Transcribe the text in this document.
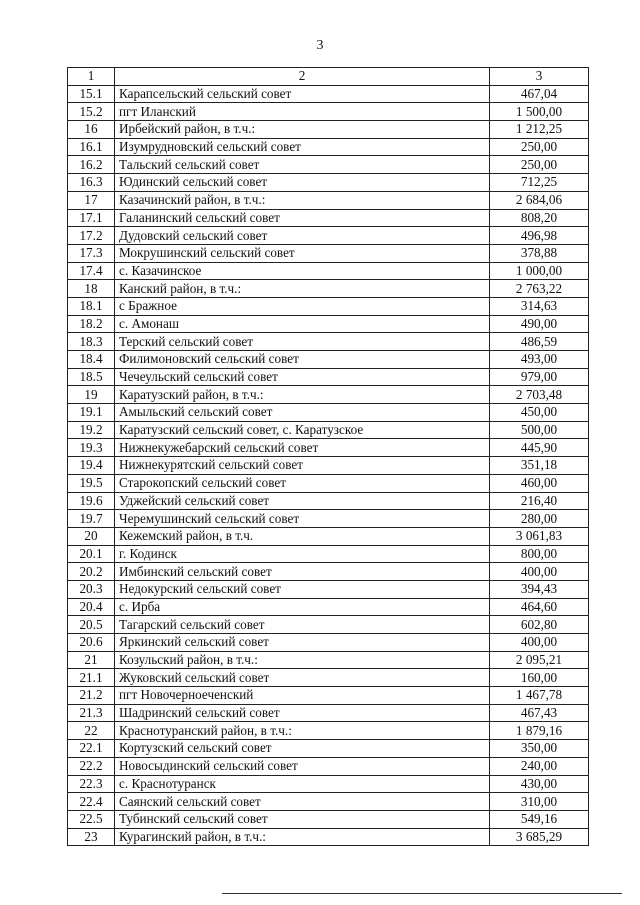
3
1	2	3
15.1	Карапсельский сельский совет	467,04
15.2	пгт Иланский	1 500,00
16	Ирбейский район, в т.ч.:	1 212,25
16.1	Изумрудновский сельский совет	250,00
16.2	Тальский сельский совет	250,00
16.3	Юдинский сельский совет	712,25
17	Казачинский район, в т.ч.:	2 684,06
17.1	Галанинский сельский совет	808,20
17.2	Дудовский сельский совет	496,98
17.3	Мокрушинский сельский совет	378,88
17.4	с. Казачинское	1 000,00
18	Канский район, в т.ч.:	2 763,22
18.1	с Бражное	314,63
18.2	с. Амонаш	490,00
18.3	Терский сельский совет	486,59
18.4	Филимоновский сельский совет	493,00
18.5	Чечеульский сельский совет	979,00
19	Каратузский район, в т.ч.:	2 703,48
19.1	Амыльский сельский совет	450,00
19.2	Каратузский сельский совет, с. Каратузское	500,00
19.3	Нижнекужебарский сельский совет	445,90
19.4	Нижнекурятский сельский совет	351,18
19.5	Старокопский сельский совет	460,00
19.6	Уджейский сельский совет	216,40
19.7	Черемушинский сельский совет	280,00
20	Кежемский район, в т.ч.	3 061,83
20.1	г. Кодинск	800,00
20.2	Имбинский сельский совет	400,00
20.3	Недокурский сельский совет	394,43
20.4	с. Ирба	464,60
20.5	Тагарский сельский совет	602,80
20.6	Яркинский сельский совет	400,00
21	Козульский район, в т.ч.:	2 095,21
21.1	Жуковский сельский совет	160,00
21.2	пгт Новочерноеченский	1 467,78
21.3	Шадринский сельский совет	467,43
22	Краснотуранский район, в т.ч.:	1 879,16
22.1	Кортузский сельский совет	350,00
22.2	Новосыдинский сельский совет	240,00
22.3	с. Краснотуранск	430,00
22.4	Саянский сельский совет	310,00
22.5	Тубинский сельский совет	549,16
23	Курагинский район, в т.ч.:	3 685,29
